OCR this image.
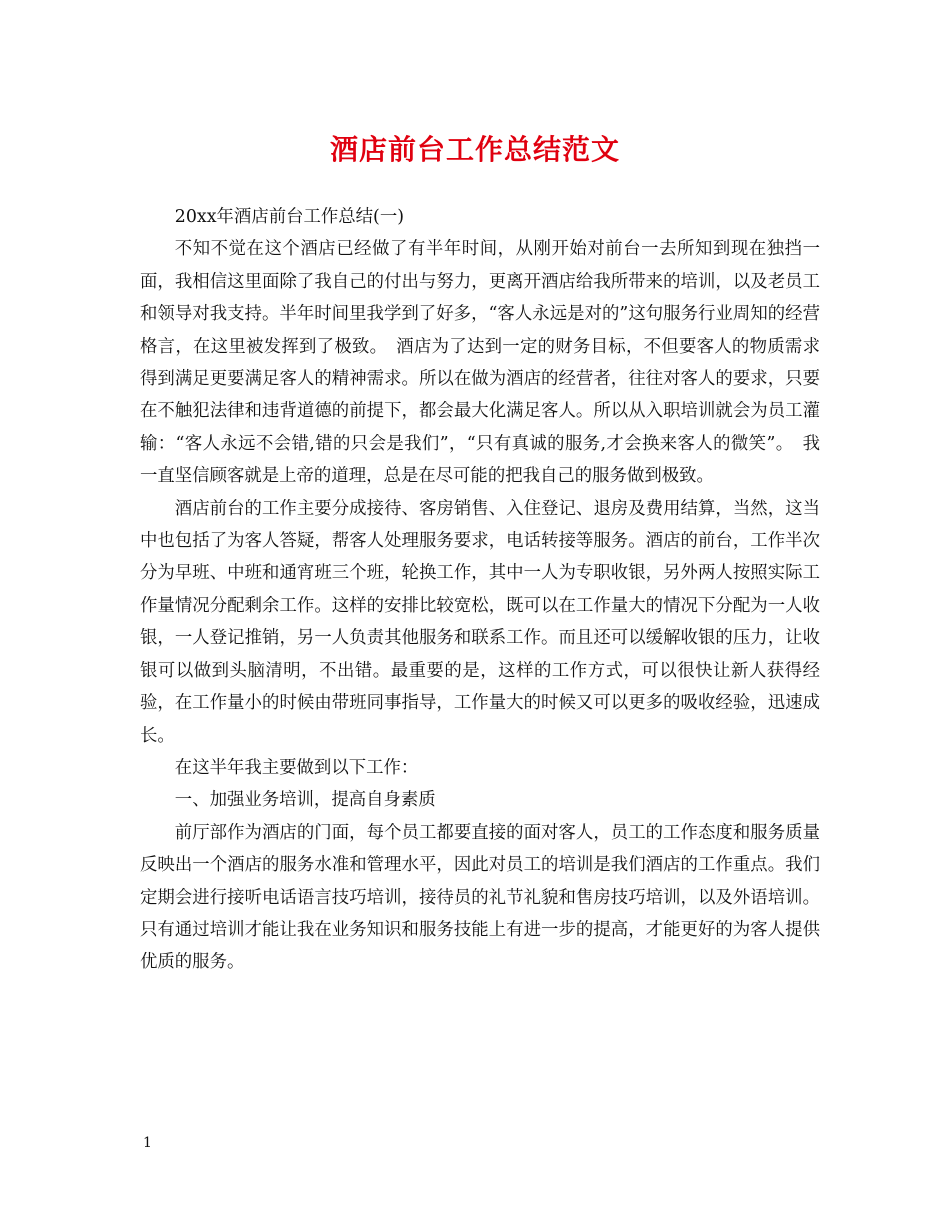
酒店前台工作总结范文

20xx年酒店前台工作总结(一)

不知不觉在这个酒店已经做了有半年时间，从刚开始对前台一去所知到现在独挡一面，我相信这里面除了我自己的付出与努力，更离开酒店给我所带来的培训，以及老员工和领导对我支持。半年时间里我学到了好多，“客人永远是对的”这句服务行业周知的经营格言，在这里被发挥到了极致。　酒店为了达到一定的财务目标，不但要客人的物质需求得到满足更要满足客人的精神需求。所以在做为酒店的经营者，往往对客人的要求，只要在不触犯法律和违背道德的前提下，都会最大化满足客人。所以从入职培训就会为员工灌输：“客人永远不会错,错的只会是我们”，“只有真诚的服务,才会换来客人的微笑”。　我一直坚信顾客就是上帝的道理，总是在尽可能的把我自己的服务做到极致。

酒店前台的工作主要分成接待、客房销售、入住登记、退房及费用结算，当然，这当中也包括了为客人答疑，帮客人处理服务要求，电话转接等服务。酒店的前台，工作半次分为早班、中班和通宵班三个班，轮换工作，其中一人为专职收银，另外两人按照实际工作量情况分配剩余工作。这样的安排比较宽松，既可以在工作量大的情况下分配为一人收银，一人登记推销，另一人负责其他服务和联系工作。而且还可以缓解收银的压力，让收银可以做到头脑清明，不出错。最重要的是，这样的工作方式，可以很快让新人获得经验，在工作量小的时候由带班同事指导，工作量大的时候又可以更多的吸收经验，迅速成长。

在这半年我主要做到以下工作：

一、加强业务培训，提高自身素质

前厅部作为酒店的门面，每个员工都要直接的面对客人，员工的工作态度和服务质量反映出一个酒店的服务水准和管理水平，因此对员工的培训是我们酒店的工作重点。我们定期会进行接听电话语言技巧培训，接待员的礼节礼貌和售房技巧培训，以及外语培训。只有通过培训才能让我在业务知识和服务技能上有进一步的提高，才能更好的为客人提供优质的服务。

1
